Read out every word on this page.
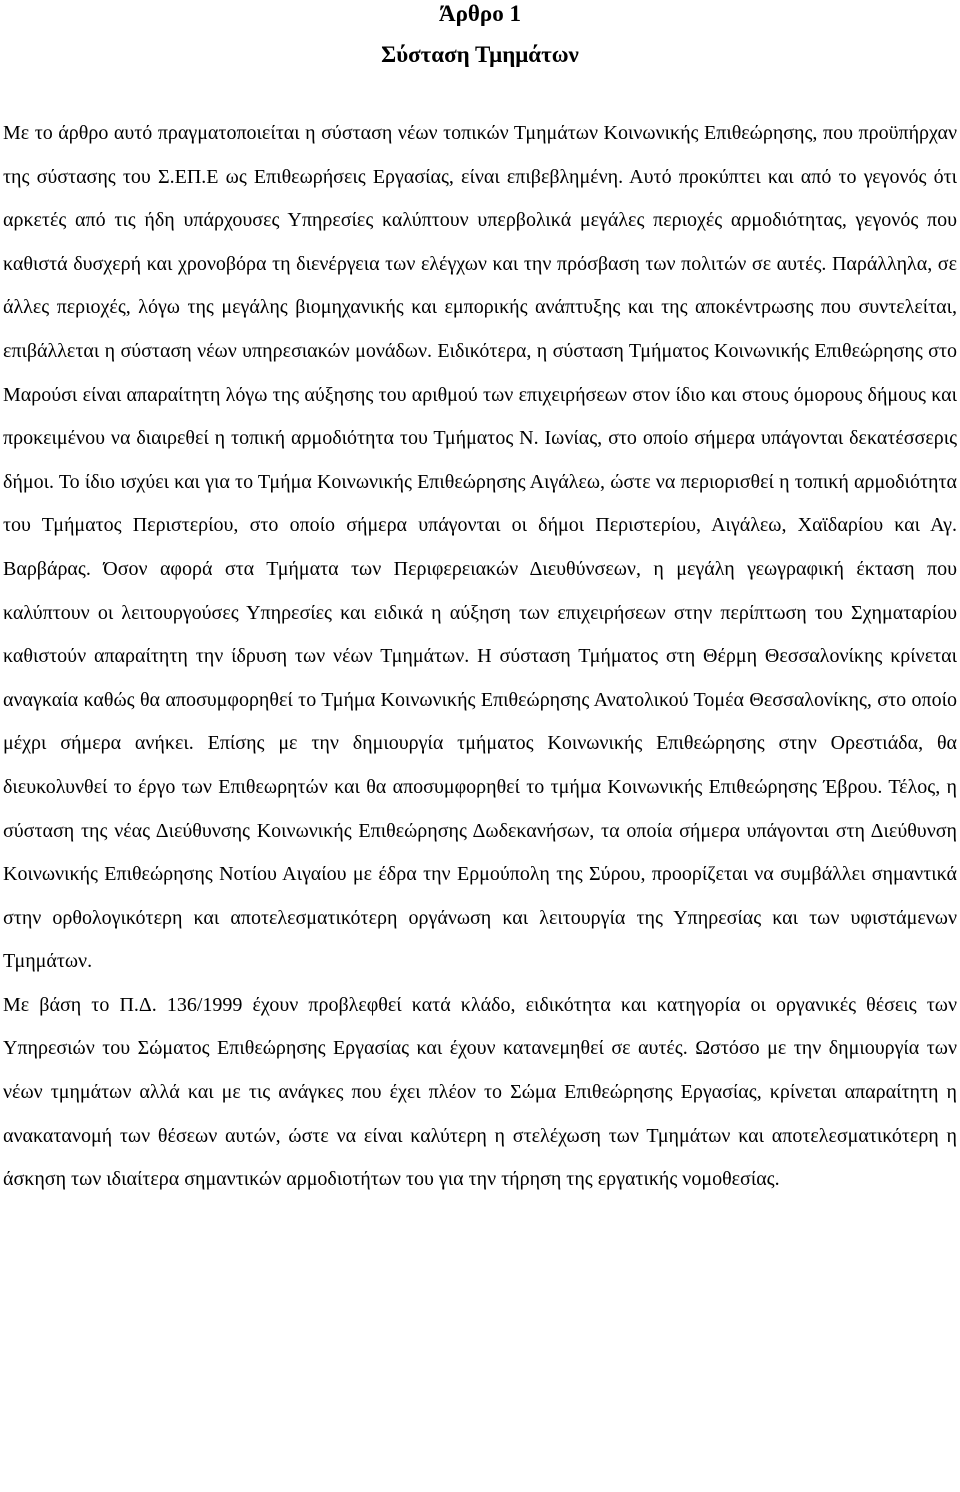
Άρθρο 1
Σύσταση Τμημάτων

Με το άρθρο αυτό πραγματοποιείται η σύσταση νέων τοπικών Τμημάτων Κοινωνικής Επιθεώρησης, που προϋπήρχαν της σύστασης του Σ.ΕΠ.Ε ως Επιθεωρήσεις Εργασίας, είναι επιβεβλημένη. Αυτό προκύπτει και από το γεγονός ότι αρκετές από τις ήδη υπάρχουσες Υπηρεσίες καλύπτουν υπερβολικά μεγάλες περιοχές αρμοδιότητας, γεγονός που καθιστά δυσχερή και χρονοβόρα τη διενέργεια των ελέγχων και την πρόσβαση των πολιτών σε αυτές. Παράλληλα, σε άλλες περιοχές, λόγω της μεγάλης βιομηχανικής και εμπορικής ανάπτυξης και της αποκέντρωσης που συντελείται, επιβάλλεται η σύσταση νέων υπηρεσιακών μονάδων. Ειδικότερα, η σύσταση Τμήματος Κοινωνικής Επιθεώρησης στο Μαρούσι είναι απαραίτητη λόγω της αύξησης του αριθμού των επιχειρήσεων στον ίδιο και στους όμορους δήμους και προκειμένου να διαιρεθεί η τοπική αρμοδιότητα του Τμήματος Ν. Ιωνίας, στο οποίο σήμερα υπάγονται δεκατέσσερις δήμοι. Το ίδιο ισχύει και για το Τμήμα Κοινωνικής Επιθεώρησης Αιγάλεω, ώστε να περιορισθεί η τοπική αρμοδιότητα του Τμήματος Περιστερίου, στο οποίο σήμερα υπάγονται οι δήμοι Περιστερίου, Αιγάλεω, Χαϊδαρίου και Αγ. Βαρβάρας. Όσον αφορά στα Τμήματα των Περιφερειακών Διευθύνσεων, η μεγάλη γεωγραφική έκταση που καλύπτουν οι λειτουργούσες Υπηρεσίες και ειδικά η αύξηση των επιχειρήσεων στην περίπτωση του Σχηματαρίου καθιστούν απαραίτητη την ίδρυση των νέων Τμημάτων. Η σύσταση Τμήματος στη Θέρμη Θεσσαλονίκης κρίνεται αναγκαία καθώς θα αποσυμφορηθεί το Τμήμα Κοινωνικής Επιθεώρησης Ανατολικού Τομέα Θεσσαλονίκης, στο οποίο μέχρι σήμερα ανήκει. Επίσης με την δημιουργία τμήματος Κοινωνικής Επιθεώρησης στην Ορεστιάδα, θα διευκολυνθεί το έργο των Επιθεωρητών και θα αποσυμφορηθεί το τμήμα Κοινωνικής Επιθεώρησης Έβρου. Τέλος, η σύσταση της νέας Διεύθυνσης Κοινωνικής Επιθεώρησης Δωδεκανήσων, τα οποία σήμερα υπάγονται στη Διεύθυνση Κοινωνικής Επιθεώρησης Νοτίου Αιγαίου με έδρα την Ερμούπολη της Σύρου, προορίζεται να συμβάλλει σημαντικά στην ορθολογικότερη και αποτελεσματικότερη οργάνωση και λειτουργία της Υπηρεσίας και των υφιστάμενων Τμημάτων.

Με βάση το Π.Δ. 136/1999 έχουν προβλεφθεί κατά κλάδο, ειδικότητα και κατηγορία οι οργανικές θέσεις των Υπηρεσιών του Σώματος Επιθεώρησης Εργασίας και έχουν κατανεμηθεί σε αυτές. Ωστόσο με την δημιουργία των νέων τμημάτων αλλά και με τις ανάγκες που έχει πλέον το Σώμα Επιθεώρησης Εργασίας, κρίνεται απαραίτητη η ανακατανομή των θέσεων αυτών, ώστε να είναι καλύτερη η στελέχωση των Τμημάτων και αποτελεσματικότερη η άσκηση των ιδιαίτερα σημαντικών αρμοδιοτήτων του για την τήρηση της εργατικής νομοθεσίας.
